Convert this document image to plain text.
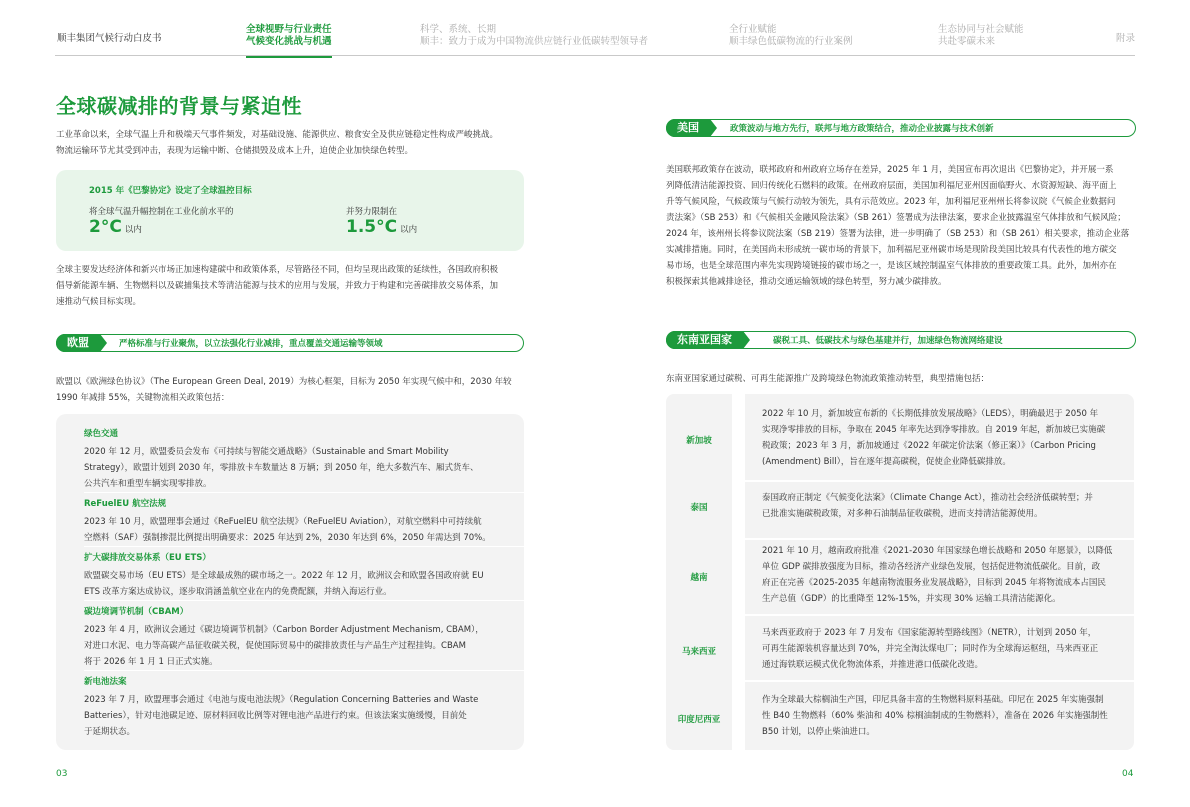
顺丰集团气候行动白皮书
全球视野与行业责任
气候变化挑战与机遇
科学、系统、长期
顺丰：致力于成为中国物流供应链行业低碳转型领导者
全行业赋能
顺丰绿色低碳物流的行业案例
生态协同与社会赋能
共赴零碳未来	附录
全球碳减排的背景与紧迫性
工业革命以来，全球气温上升和极端天气事件频发，对基础设施、能源供应、粮食安全及供应链稳定性构成严峻挑战。
物流运输环节尤其受到冲击，表现为运输中断、仓储损毁及成本上升，迫使企业加快绿色转型。
2015 年《巴黎协定》设定了全球温控目标
将全球气温升幅控制在工业化前水平的
2°C 以内
并努力限制在
1.5°C 以内
全球主要发达经济体和新兴市场正加速构建碳中和政策体系，尽管路径不同，但均呈现出政策的延续性，各国政府积极
倡导新能源车辆、生物燃料以及碳捕集技术等清洁能源与技术的应用与发展，并致力于构建和完善碳排放交易体系，加
速推动气候目标实现。
欧盟	严格标准与行业聚焦，以立法强化行业减排，重点覆盖交通运输等领域
欧盟以《欧洲绿色协议》（The European Green Deal, 2019）为核心框架，目标为 2050 年实现气候中和，2030 年较
1990 年减排 55%，关键物流相关政策包括：
绿色交通

2020 年 12 月，欧盟委员会发布《可持续与智能交通战略》（Sustainable and Smart Mobility

Strategy），欧盟计划到 2030 年，零排放卡车数量达 8 万辆；到 2050 年，绝大多数汽车、厢式货车、

公共汽车和重型车辆实现零排放。

ReFuelEU 航空法规

2023 年 10 月，欧盟理事会通过《ReFuelEU 航空法规》（ReFuelEU Aviation），对航空燃料中可持续航

空燃料（SAF）强制掺混比例提出明确要求：2025 年达到 2%，2030 年达到 6%，2050 年需达到 70%。

扩大碳排放交易体系（EU ETS）

欧盟碳交易市场（EU ETS）是全球最成熟的碳市场之一。2022 年 12 月，欧洲议会和欧盟各国政府就 EU

ETS 改革方案达成协议，逐步取消涵盖航空业在内的免费配额，并纳入海运行业。

碳边境调节机制（CBAM）

2023 年 4 月，欧洲议会通过《碳边境调节机制》（Carbon Border Adjustment Mechanism, CBAM），

对进口水泥、电力等高碳产品征收碳关税，促使国际贸易中的碳排放责任与产品生产过程挂钩。CBAM

将于 2026 年 1 月 1 日正式实施。

新电池法案

2023 年 7 月，欧盟理事会通过《电池与废电池法规》（Regulation Concerning Batteries and Waste

Batteries），针对电池碳足迹、原材料回收比例等对锂电池产品进行约束。但该法案实施缓慢，目前处

于延期状态。

03
美国	政策波动与地方先行，联邦与地方政策结合，推动企业披露与技术创新
美国联邦政策存在波动，联邦政府和州政府立场存在差异，2025 年 1 月，美国宣布再次退出《巴黎协定》，并开展一系
列降低清洁能源投资、回归传统化石燃料的政策。在州政府层面，美国加利福尼亚州因面临野火、水资源短缺、海平面上
升等气候风险，气候政策与气候行动较为领先，具有示范效应。2023 年，加利福尼亚州州长将参议院《气候企业数据问
责法案》（SB 253）和《气候相关金融风险法案》（SB 261）签署成为法律法案，要求企业披露温室气体排放和气候风险；
2024 年，该州州长将参议院法案（SB 219）签署为法律，进一步明确了（SB 253）和（SB 261）相关要求，推动企业落
实减排措施。同时，在美国尚未形成统一碳市场的背景下，加利福尼亚州碳市场是现阶段美国比较具有代表性的地方碳交
易市场，也是全球范围内率先实现跨境链接的碳市场之一，是该区域控制温室气体排放的重要政策工具。此外，加州亦在
积极探索其他减排途径，推动交通运输领域的绿色转型，努力减少碳排放。
东南亚国家	碳税工具、低碳技术与绿色基建并行，加速绿色物流网络建设
东南亚国家通过碳税、可再生能源推广及跨境绿色物流政策推动转型，典型措施包括：
新加坡
2022 年 10 月，新加坡宣布新的《长期低排放发展战略》（LEDS），明确最迟于 2050 年
实现净零排放的目标，争取在 2045 年率先达到净零排放。自 2019 年起，新加坡已实施碳
税政策；2023 年 3 月，新加坡通过《2022 年碳定价法案（修正案）》（Carbon Pricing
(Amendment) Bill），旨在逐年提高碳税，促使企业降低碳排放。
泰国
泰国政府正制定《气候变化法案》（Climate Change Act），推动社会经济低碳转型；并
已批准实施碳税政策，对多种石油制品征收碳税，进而支持清洁能源使用。
越南
2021 年 10 月，越南政府批准《2021-2030 年国家绿色增长战略和 2050 年愿景》，以降低
单位 GDP 碳排放强度为目标，推动各经济产业绿色发展，包括促进物流低碳化。目前，政
府正在完善《2025-2035 年越南物流服务业发展战略》，目标到 2045 年将物流成本占国民
生产总值（GDP）的比重降至 12%-15%，并实现 30% 运输工具清洁能源化。
马来西亚
马来西亚政府于 2023 年 7 月发布《国家能源转型路线图》（NETR），计划到 2050 年，
可再生能源装机容量达到 70%，并完全淘汰煤电厂；同时作为全球海运枢纽，马来西亚正
通过海铁联运模式优化物流体系，并推进港口低碳化改造。
印度尼西亚
作为全球最大棕榈油生产国，印尼具备丰富的生物燃料原料基础。印尼在 2025 年实施强制
性 B40 生物燃料（60% 柴油和 40% 棕榈油制成的生物燃料），准备在 2026 年实施强制性
B50 计划，以停止柴油进口。
04
